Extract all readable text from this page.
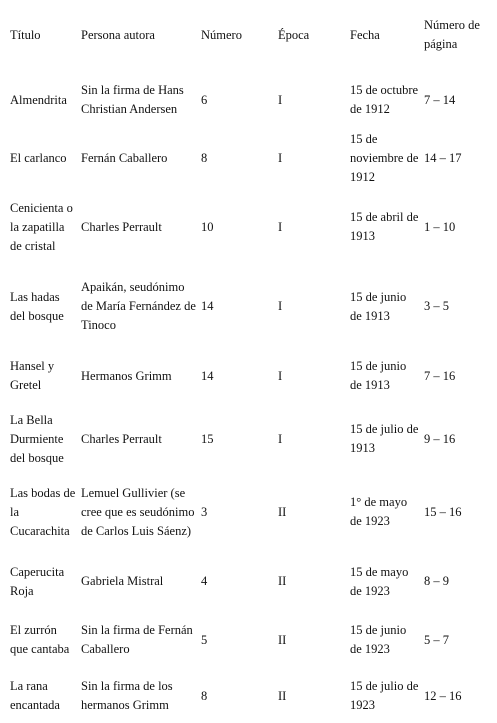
Título	Persona autora	Número	Época	Fecha	Número de página
Almendrita	Sin la firma de Hans Christian Andersen	6	I	15 de octubre de 1912	7 – 14
El carlanco	Fernán Caballero	8	I	15 de noviembre de 1912	14 – 17
Cenicienta o la zapatilla de cristal	Charles Perrault	10	I	15 de abril de 1913	1 – 10
Las hadas del bosque	Apaikán, seudónimo de María Fernández de Tinoco	14	I	15 de junio de 1913	3 – 5
Hansel y Gretel	Hermanos Grimm	14	I	15 de junio de 1913	7 – 16
La Bella Durmiente del bosque	Charles Perrault	15	I	15 de julio de 1913	9 – 16
Las bodas de la Cucarachita	Lemuel Gullivier (se cree que es seudónimo de Carlos Luis Sáenz)	3	II	1° de mayo de 1923	15 – 16
Caperucita Roja	Gabriela Mistral	4	II	15 de mayo de 1923	8 – 9
El zurrón que cantaba	Sin la firma de Fernán Caballero	5	II	15 de junio de 1923	5 – 7
La rana encantada	Sin la firma de los hermanos Grimm	8	II	15 de julio de 1923	12 – 16
